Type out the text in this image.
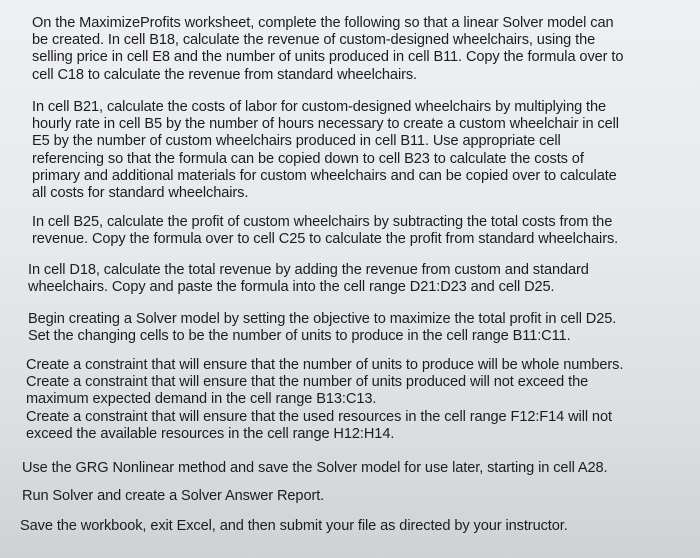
On the MaximizeProfits worksheet, complete the following so that a linear Solver model can
be created. In cell B18, calculate the revenue of custom-designed wheelchairs, using the
selling price in cell E8 and the number of units produced in cell B11. Copy the formula over to
cell C18 to calculate the revenue from standard wheelchairs.

In cell B21, calculate the costs of labor for custom-designed wheelchairs by multiplying the
hourly rate in cell B5 by the number of hours necessary to create a custom wheelchair in cell
E5 by the number of custom wheelchairs produced in cell B11. Use appropriate cell
referencing so that the formula can be copied down to cell B23 to calculate the costs of
primary and additional materials for custom wheelchairs and can be copied over to calculate
all costs for standard wheelchairs.

In cell B25, calculate the profit of custom wheelchairs by subtracting the total costs from the
revenue. Copy the formula over to cell C25 to calculate the profit from standard wheelchairs.

In cell D18, calculate the total revenue by adding the revenue from custom and standard
wheelchairs. Copy and paste the formula into the cell range D21:D23 and cell D25.

Begin creating a Solver model by setting the objective to maximize the total profit in cell D25.
Set the changing cells to be the number of units to produce in the cell range B11:C11.

Create a constraint that will ensure that the number of units to produce will be whole numbers.
Create a constraint that will ensure that the number of units produced will not exceed the
maximum expected demand in the cell range B13:C13.
Create a constraint that will ensure that the used resources in the cell range F12:F14 will not
exceed the available resources in the cell range H12:H14.

Use the GRG Nonlinear method and save the Solver model for use later, starting in cell A28.

Run Solver and create a Solver Answer Report.

Save the workbook, exit Excel, and then submit your file as directed by your instructor.
